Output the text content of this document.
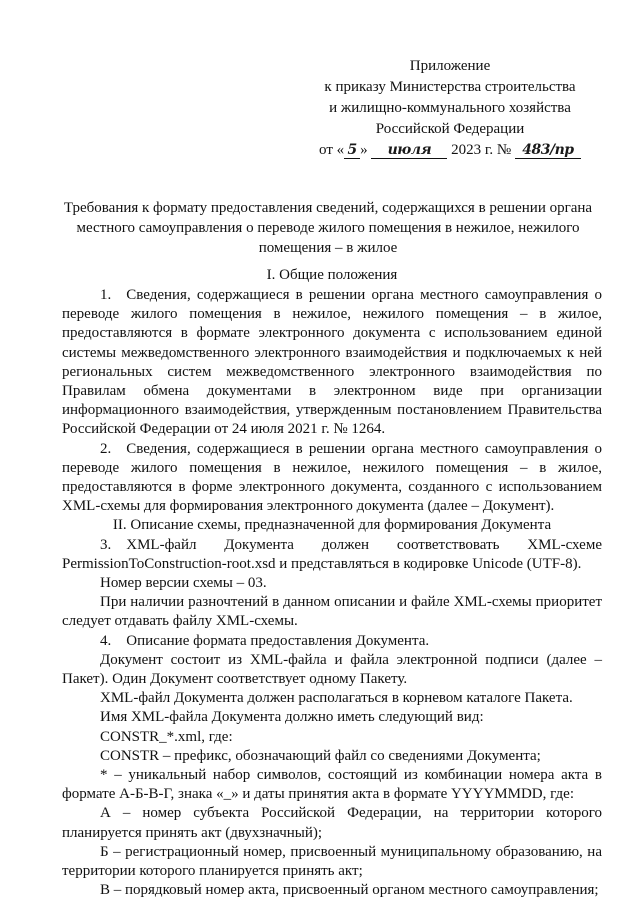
Приложение
к приказу Министерства строительства
и жилищно-коммунального хозяйства
Российской Федерации
от « 5 » июля 2023 г. № 483/пр
Требования к формату предоставления сведений, содержащихся в решении органа местного самоуправления о переводе жилого помещения в нежилое, нежилого помещения – в жилое
I. Общие положения

1. Сведения, содержащиеся в решении органа местного самоуправления о переводе жилого помещения в нежилое, нежилого помещения – в жилое, предоставляются в формате электронного документа с использованием единой системы межведомственного электронного взаимодействия и подключаемых к ней региональных систем межведомственного электронного взаимодействия по Правилам обмена документами в электронном виде при организации информационного взаимодействия, утвержденным постановлением Правительства Российской Федерации от 24 июля 2021 г. № 1264.

2. Сведения, содержащиеся в решении органа местного самоуправления о переводе жилого помещения в нежилое, нежилого помещения – в жилое, предоставляются в форме электронного документа, созданного с использованием XML-схемы для формирования электронного документа (далее – Документ).

II. Описание схемы, предназначенной для формирования Документа

3. XML-файл Документа должен соответствовать XML-схеме PermissionToConstruction-root.xsd и представляться в кодировке Unicode (UTF-8).

Номер версии схемы – 03.

При наличии разночтений в данном описании и файле XML-схемы приоритет следует отдавать файлу XML-схемы.

4. Описание формата предоставления Документа.

Документ состоит из XML-файла и файла электронной подписи (далее – Пакет). Один Документ соответствует одному Пакету.

XML-файл Документа должен располагаться в корневом каталоге Пакета.

Имя XML-файла Документа должно иметь следующий вид:

CONSTR_*.xml, где:

CONSTR – префикс, обозначающий файл со сведениями Документа;

* – уникальный набор символов, состоящий из комбинации номера акта в формате А-Б-В-Г, знака «_» и даты принятия акта в формате YYYYMMDD, где:

А – номер субъекта Российской Федерации, на территории которого планируется принять акт (двухзначный);

Б – регистрационный номер, присвоенный муниципальному образованию, на территории которого планируется принять акт;

В – порядковый номер акта, присвоенный органом местного самоуправления;
